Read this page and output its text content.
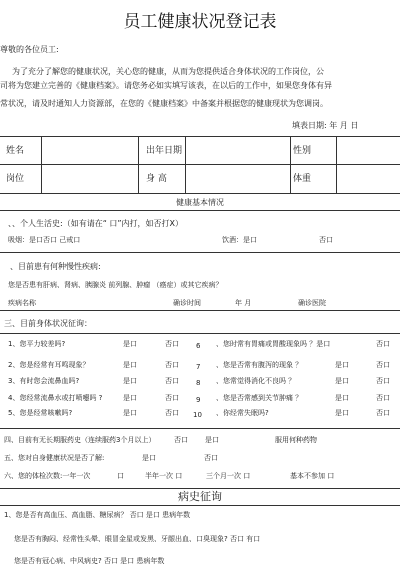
员工健康状况登记表
尊敬的各位员工:
为了充分了解您的健康状况，关心您的健康，从而为您提供适合身体状况的工作岗位，公
司将为您建立完善的《健康档案》。请您务必如实填写该表，在以后的工作中，如果您身体有异
常状况，请及时通知人力资源部，在您的《健康档案》中备案并根据您的健康现状为您调岗。
填表日期: 年 月 日
姓名	出年日期	性别
岗位	身 高	体重
健康基本情况
、、个人生活史:（如有请在“ 口”内打，如否打X）
吸烟：是口否口 己戒口	饮酒：是口	否口
、目前患有何种慢性疾病:
您是否患有肝病、肾病、胰腺炎 前列腺、肿瘤 （癌症）或其它疾病？
疾病名称	确诊时间	年 月	确诊医院
三、目前身体状况征询：
1、您平力较差吗?	是口	否口 6 、您时常有胃痛或胃酸现象吗 ？是口	否口
2、您是经常有耳鸣现象？	是口	否口 7 、您是否常有腹泻的现象 ？	是口	否口
3、有时您会流鼻血吗?	是口	否口 8 、您常觉得消化不良吗 ？	是口	否口
4、您经常流鼻水或打喷嚏吗 ?	是口	否口 9 、您是否常感到关节肿痛 ？	是口	否口
5、您是经常咳嗽吗?	是口	否口 10 、你经常失眠吗?	是口	否口
四、目前有无长期服药史（连续服药3个月以上）	否口 是口	服用何种药物
五、您对自身健康状况是否了解:	是口	否口
六、您的体检次数:一年一次	口	半年一次 口	三个月一次 口	基本不参加 口
病史征询
1、您是否有高血压、高血脂、糖尿病？ 否口 是口 患病年数
您是否有胸闷、经常性头晕、眼冒金星或发黑、牙龈出血、口臭现象? 否口 有口
您是否有冠心病、中风病史? 否口 是口 患病年数
